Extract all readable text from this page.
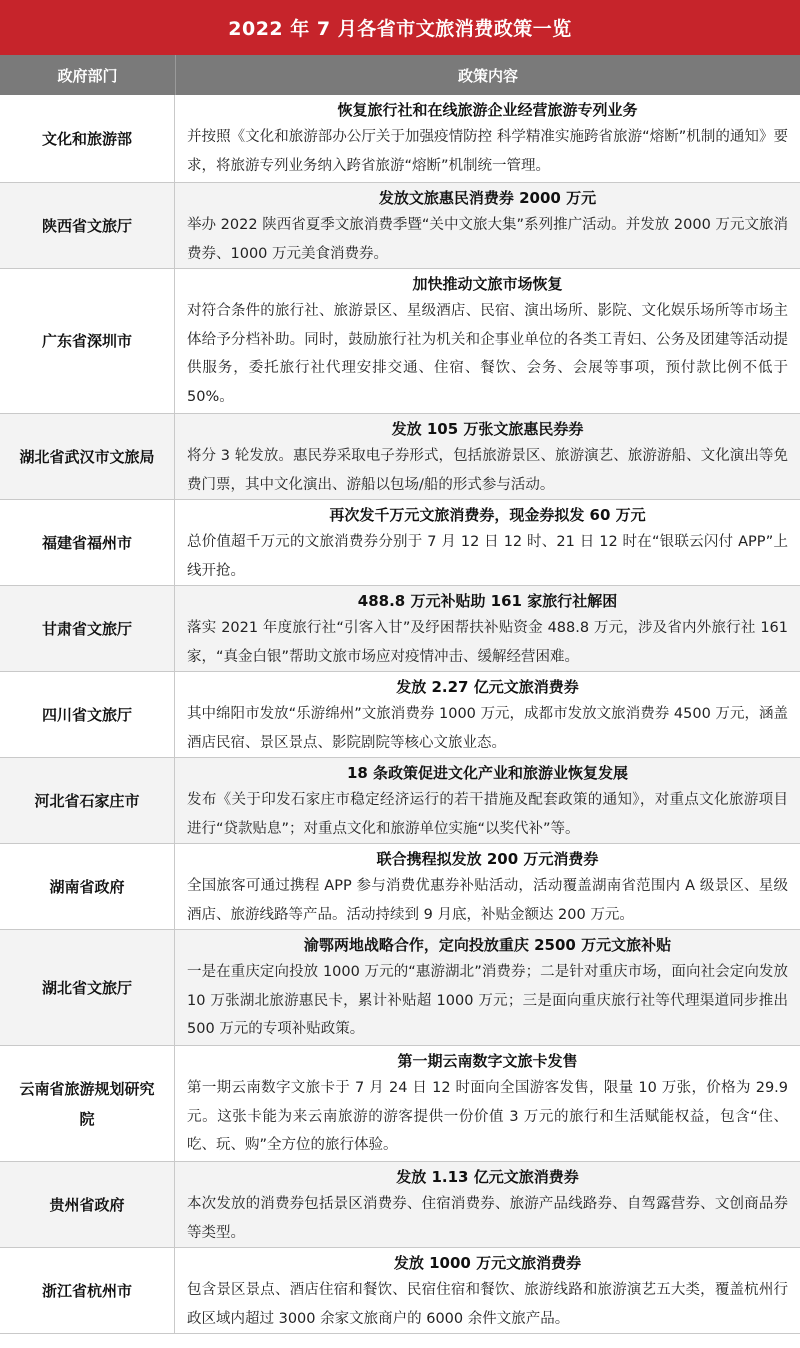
2022 年 7 月各省市文旅消费政策一览
政府部门	政策内容
文化和旅游部
恢复旅行社和在线旅游企业经营旅游专列业务
并按照《文化和旅游部办公厅关于加强疫情防控 科学精准实施跨省旅游“熔断”机制的通知》要求，将旅游专列业务纳入跨省旅游“熔断”机制统一管理。
陕西省文旅厅
发放文旅惠民消费券 2000 万元
举办 2022 陕西省夏季文旅消费季暨“关中文旅大集”系列推广活动。并发放 2000 万元文旅消费券、1000 万元美食消费券。
广东省深圳市
加快推动文旅市场恢复
对符合条件的旅行社、旅游景区、星级酒店、民宿、演出场所、影院、文化娱乐场所等市场主体给予分档补助。同时，鼓励旅行社为机关和企事业单位的各类工青妇、公务及团建等活动提供服务，委托旅行社代理安排交通、住宿、餐饮、会务、会展等事项，预付款比例不低于 50%。
湖北省武汉市文旅局
发放 105 万张文旅惠民券券
将分 3 轮发放。惠民券采取电子券形式，包括旅游景区、旅游演艺、旅游游船、文化演出等免费门票，其中文化演出、游船以包场/船的形式参与活动。
福建省福州市
再次发千万元文旅消费券，现金券拟发 60 万元
总价值超千万元的文旅消费券分别于 7 月 12 日 12 时、21 日 12 时在“银联云闪付 APP”上线开抢。
甘肃省文旅厅
488.8 万元补贴助 161 家旅行社解困
落实 2021 年度旅行社“引客入甘”及纾困帮扶补贴资金 488.8 万元，涉及省内外旅行社 161 家，“真金白银”帮助文旅市场应对疫情冲击、缓解经营困难。
四川省文旅厅
发放 2.27 亿元文旅消费券
其中绵阳市发放“乐游绵州”文旅消费券 1000 万元，成都市发放文旅消费券 4500 万元，涵盖酒店民宿、景区景点、影院剧院等核心文旅业态。
河北省石家庄市
18 条政策促进文化产业和旅游业恢复发展
发布《关于印发石家庄市稳定经济运行的若干措施及配套政策的通知》，对重点文化旅游项目进行“贷款贴息”；对重点文化和旅游单位实施“以奖代补”等。
湖南省政府
联合携程拟发放 200 万元消费券
全国旅客可通过携程 APP 参与消费优惠券补贴活动，活动覆盖湖南省范围内 A 级景区、星级酒店、旅游线路等产品。活动持续到 9 月底，补贴金额达 200 万元。
湖北省文旅厅
渝鄂两地战略合作，定向投放重庆 2500 万元文旅补贴
一是在重庆定向投放 1000 万元的“惠游湖北”消费券；二是针对重庆市场，面向社会定向发放 10 万张湖北旅游惠民卡，累计补贴超 1000 万元；三是面向重庆旅行社等代理渠道同步推出 500 万元的专项补贴政策。
云南省旅游规划研究院
第一期云南数字文旅卡发售
第一期云南数字文旅卡于 7 月 24 日 12 时面向全国游客发售，限量 10 万张，价格为 29.9 元。这张卡能为来云南旅游的游客提供一份价值 3 万元的旅行和生活赋能权益，包含“住、吃、玩、购”全方位的旅行体验。
贵州省政府
发放 1.13 亿元文旅消费券
本次发放的消费券包括景区消费券、住宿消费券、旅游产品线路券、自驾露营券、文创商品券等类型。
浙江省杭州市
发放 1000 万元文旅消费券
包含景区景点、酒店住宿和餐饮、民宿住宿和餐饮、旅游线路和旅游演艺五大类，覆盖杭州行政区域内超过 3000 余家文旅商户的 6000 余件文旅产品。
